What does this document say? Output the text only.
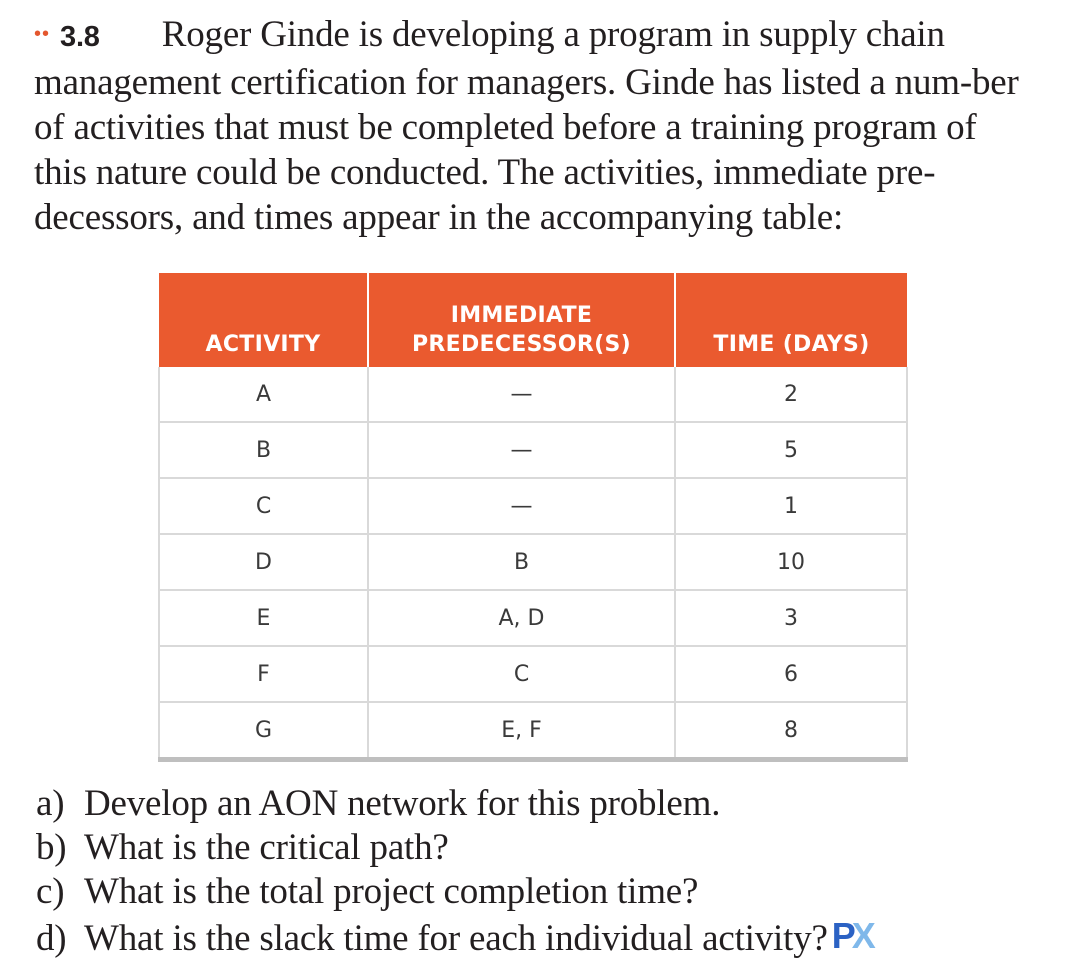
•• 3.8 Roger Ginde is developing a program in supply chain management certification for managers. Ginde has listed a num-ber of activities that must be completed before a training program of this nature could be conducted. The activities, immediate pre-decessors, and times appear in the accompanying table:
ACTIVITY	IMMEDIATE PREDECESSOR(S)	TIME (DAYS)
A	—	2
B	—	5
C	—	1
D	B	10
E	A, D	3
F	C	6
G	E, F	8
a) Develop an AON network for this problem.
b) What is the critical path?
c) What is the total project completion time?
d) What is the slack time for each individual activity? PX
